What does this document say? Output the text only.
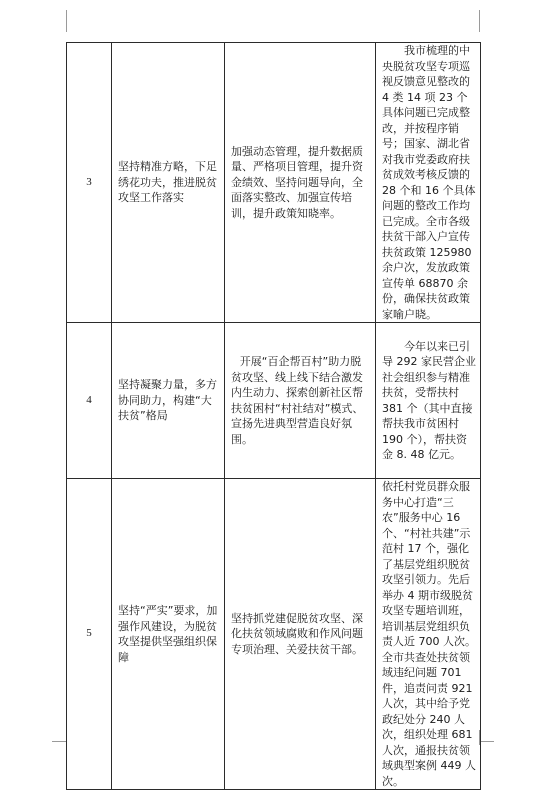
3	坚持精准方略，下足绣花功夫，推进脱贫攻坚工作落实	加强动态管理，提升数据质量、严格项目管理，提升资金绩效、坚持问题导向，全面落实整改、加强宣传培训，提升政策知晓率。	我市梳理的中央脱贫攻坚专项巡视反馈意见整改的 4 类 14 项 23 个具体问题已完成整改，并按程序销号；国家、湖北省对我市党委政府扶贫成效考核反馈的 28 个和 16 个具体问题的整改工作均已完成。全市各级扶贫干部入户宣传扶贫政策 125980 余户次，发放政策宣传单 68870 余份，确保扶贫政策家喻户晓。

4	坚持凝聚力量，多方协同助力，构建“大扶贫”格局	开展“百企帮百村”助力脱贫攻坚、线上线下结合激发内生动力、探索创新社区帮扶贫困村“村社结对”模式、宣扬先进典型营造良好氛围。	今年以来已引导 292 家民营企业社会组织参与精准扶贫，受帮扶村 381 个（其中直接帮扶我市贫困村 190 个），帮扶资金 8. 48 亿元。

5	坚持“严实”要求，加强作风建设，为脱贫攻坚提供坚强组织保障	坚持抓党建促脱贫攻坚、深化扶贫领域腐败和作风问题专项治理、关爱扶贫干部。	依托村党员群众服务中心打造“三农”服务中心 16 个、“村社共建”示范村 17 个，强化了基层党组织脱贫攻坚引领力。先后举办 4 期市级脱贫攻坚专题培训班，培训基层党组织负责人近 700 人次。全市共查处扶贫领域违纪问题 701 件，追责问责 921 人次，其中给予党政纪处分 240 人次，组织处理 681 人次，通报扶贫领域典型案例 449 人次。
